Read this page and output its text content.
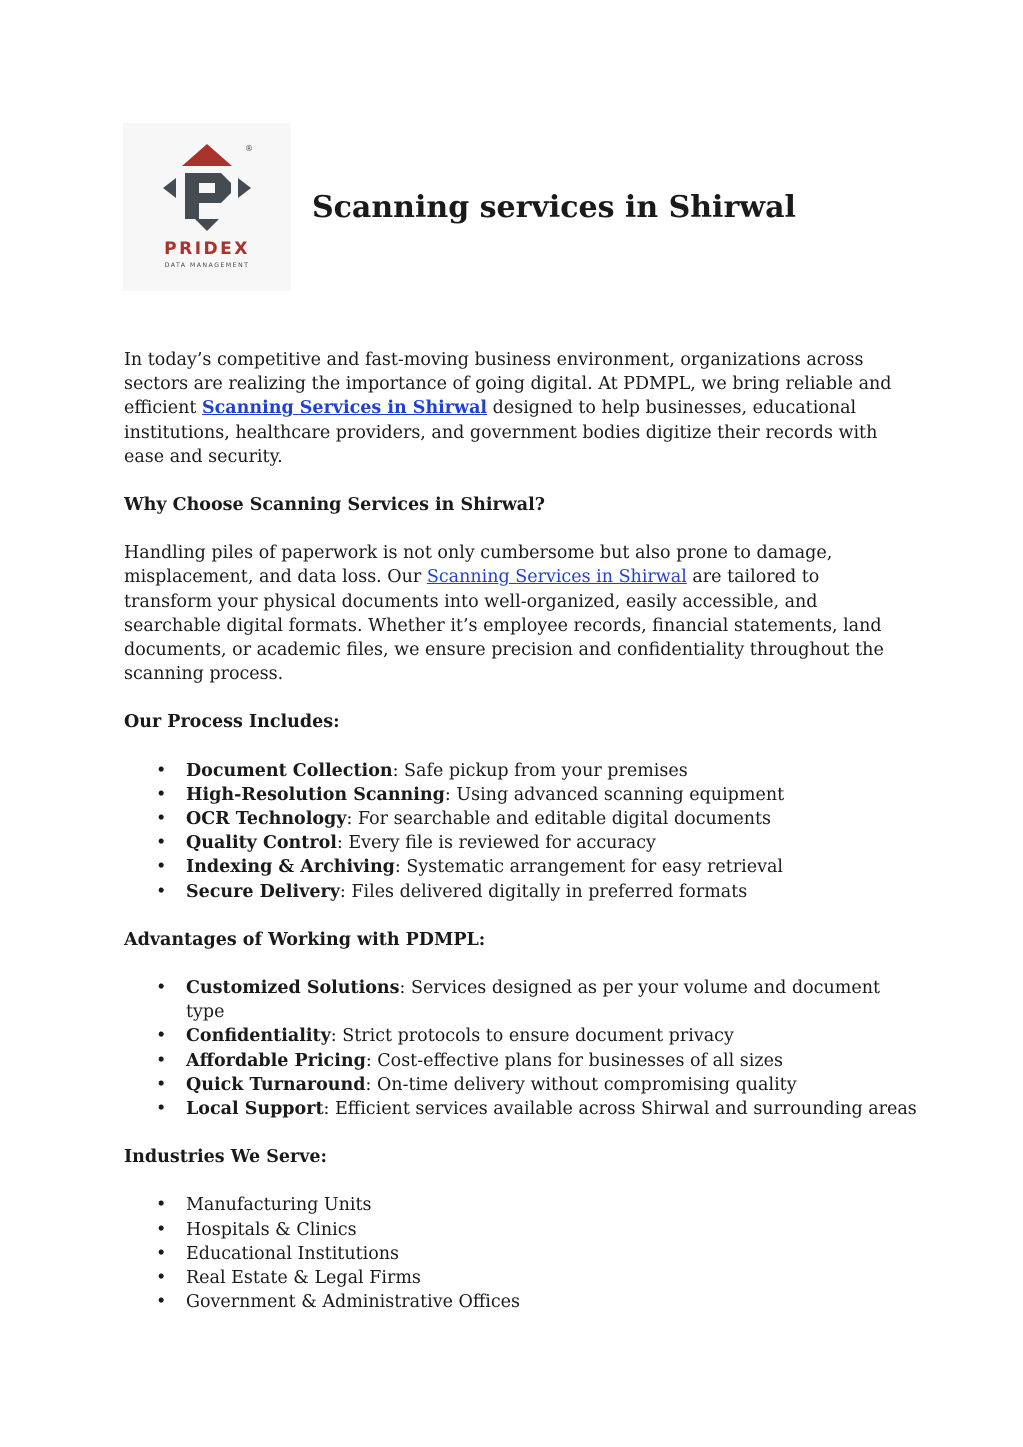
®
PRIDEX
DATA MANAGEMENT
Scanning services in Shirwal

In today’s competitive and fast-moving business environment, organizations across sectors are realizing the importance of going digital. At PDMPL, we bring reliable and efficient Scanning Services in Shirwal designed to help businesses, educational institutions, healthcare providers, and government bodies digitize their records with ease and security.

Why Choose Scanning Services in Shirwal?

Handling piles of paperwork is not only cumbersome but also prone to damage, misplacement, and data loss. Our Scanning Services in Shirwal are tailored to transform your physical documents into well-organized, easily accessible, and searchable digital formats. Whether it’s employee records, financial statements, land documents, or academic files, we ensure precision and confidentiality throughout the scanning process.

Our Process Includes:
• Document Collection: Safe pickup from your premises
• High-Resolution Scanning: Using advanced scanning equipment
• OCR Technology: For searchable and editable digital documents
• Quality Control: Every file is reviewed for accuracy
• Indexing & Archiving: Systematic arrangement for easy retrieval
• Secure Delivery: Files delivered digitally in preferred formats
Advantages of Working with PDMPL:
• Customized Solutions: Services designed as per your volume and document type
• Confidentiality: Strict protocols to ensure document privacy
• Affordable Pricing: Cost-effective plans for businesses of all sizes
• Quick Turnaround: On-time delivery without compromising quality
• Local Support: Efficient services available across Shirwal and surrounding areas
Industries We Serve:
• Manufacturing Units
• Hospitals & Clinics
• Educational Institutions
• Real Estate & Legal Firms
• Government & Administrative Offices
